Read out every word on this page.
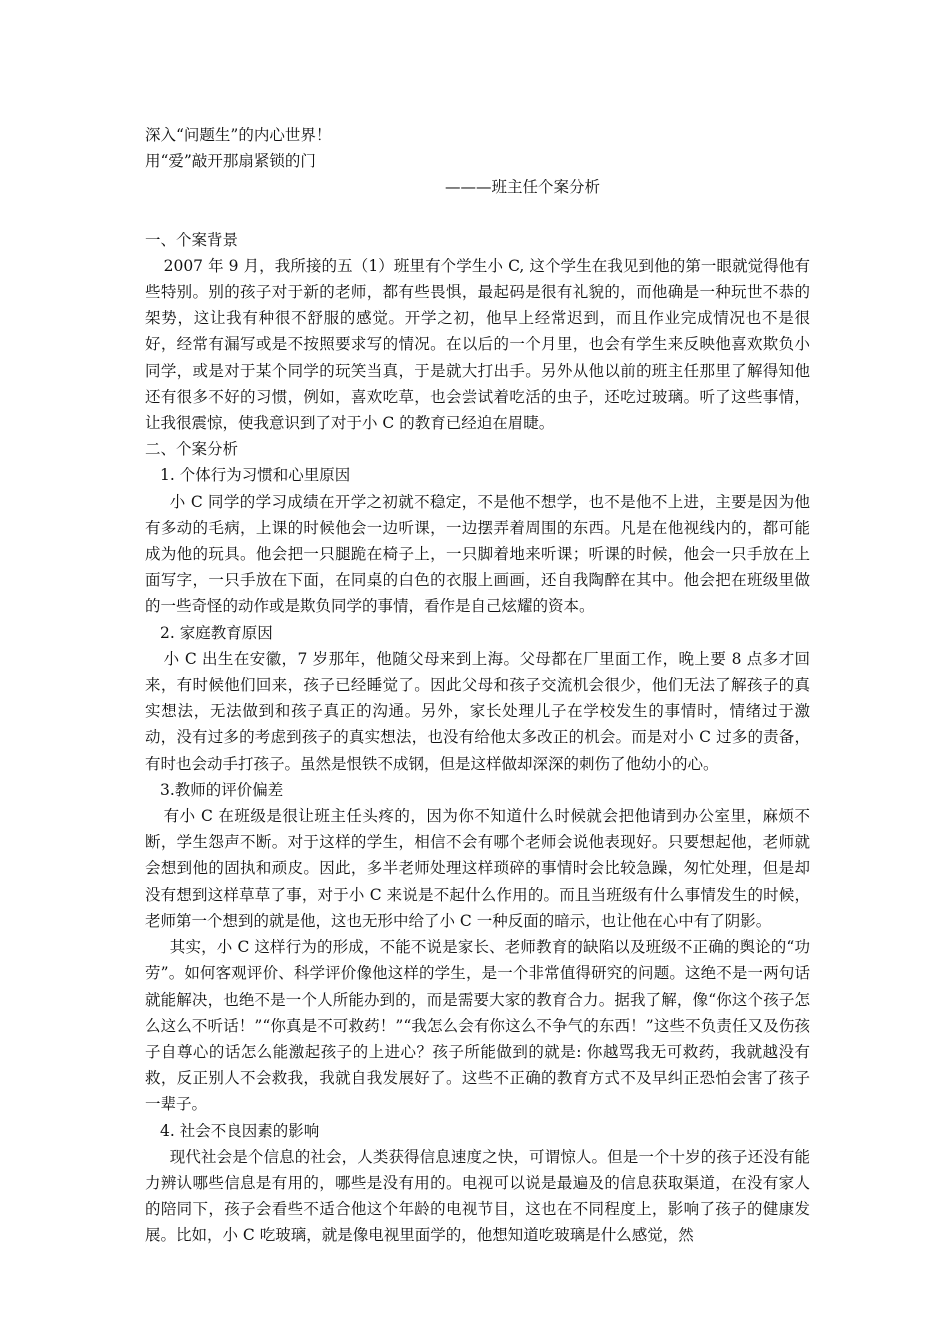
深入“问题生”的内心世界！

用“爱”敲开那扇紧锁的门

———班主任个案分析

一、个案背景

2007 年 9 月，我所接的五（1）班里有个学生小 C, 这个学生在我见到他的第一眼就觉得他有些特别。别的孩子对于新的老师，都有些畏惧，最起码是很有礼貌的，而他确是一种玩世不恭的架势，这让我有种很不舒服的感觉。开学之初，他早上经常迟到，而且作业完成情况也不是很好，经常有漏写或是不按照要求写的情况。在以后的一个月里，也会有学生来反映他喜欢欺负小同学，或是对于某个同学的玩笑当真，于是就大打出手。另外从他以前的班主任那里了解得知他还有很多不好的习惯，例如，喜欢吃草，也会尝试着吃活的虫子，还吃过玻璃。听了这些事情，让我很震惊，使我意识到了对于小 C 的教育已经迫在眉睫。

二、个案分析

1. 个体行为习惯和心里原因

小 C 同学的学习成绩在开学之初就不稳定，不是他不想学，也不是他不上进，主要是因为他有多动的毛病，上课的时候他会一边听课，一边摆弄着周围的东西。凡是在他视线内的，都可能成为他的玩具。他会把一只腿跪在椅子上，一只脚着地来听课；听课的时候，他会一只手放在上面写字，一只手放在下面，在同桌的白色的衣服上画画，还自我陶醉在其中。他会把在班级里做的一些奇怪的动作或是欺负同学的事情，看作是自己炫耀的资本。

2. 家庭教育原因

小 C 出生在安徽，7 岁那年，他随父母来到上海。父母都在厂里面工作，晚上要 8 点多才回来，有时候他们回来，孩子已经睡觉了。因此父母和孩子交流机会很少，他们无法了解孩子的真实想法，无法做到和孩子真正的沟通。另外，家长处理儿子在学校发生的事情时，情绪过于激动，没有过多的考虑到孩子的真实想法，也没有给他太多改正的机会。而是对小 C 过多的责备，有时也会动手打孩子。虽然是恨铁不成钢，但是这样做却深深的刺伤了他幼小的心。

3.教师的评价偏差

有小 C 在班级是很让班主任头疼的，因为你不知道什么时候就会把他请到办公室里，麻烦不断，学生怨声不断。对于这样的学生，相信不会有哪个老师会说他表现好。只要想起他，老师就会想到他的固执和顽皮。因此，多半老师处理这样琐碎的事情时会比较急躁，匆忙处理，但是却没有想到这样草草了事，对于小 C 来说是不起什么作用的。而且当班级有什么事情发生的时候，老师第一个想到的就是他，这也无形中给了小 C 一种反面的暗示，也让他在心中有了阴影。

其实，小 C 这样行为的形成，不能不说是家长、老师教育的缺陷以及班级不正确的舆论的“功劳”。如何客观评价、科学评价像他这样的学生，是一个非常值得研究的问题。这绝不是一两句话就能解决，也绝不是一个人所能办到的，而是需要大家的教育合力。据我了解，像“你这个孩子怎么这么不听话！”“你真是不可救药！”“我怎么会有你这么不争气的东西！”这些不负责任又及伤孩子自尊心的话怎么能激起孩子的上进心？孩子所能做到的就是: 你越骂我无可救药，我就越没有救，反正别人不会救我，我就自我发展好了。这些不正确的教育方式不及早纠正恐怕会害了孩子一辈子。

4. 社会不良因素的影响

现代社会是个信息的社会，人类获得信息速度之快，可谓惊人。但是一个十岁的孩子还没有能力辨认哪些信息是有用的，哪些是没有用的。电视可以说是最遍及的信息获取渠道，在没有家人的陪同下，孩子会看些不适合他这个年龄的电视节目，这也在不同程度上，影响了孩子的健康发展。比如，小 C 吃玻璃，就是像电视里面学的，他想知道吃玻璃是什么感觉，然
